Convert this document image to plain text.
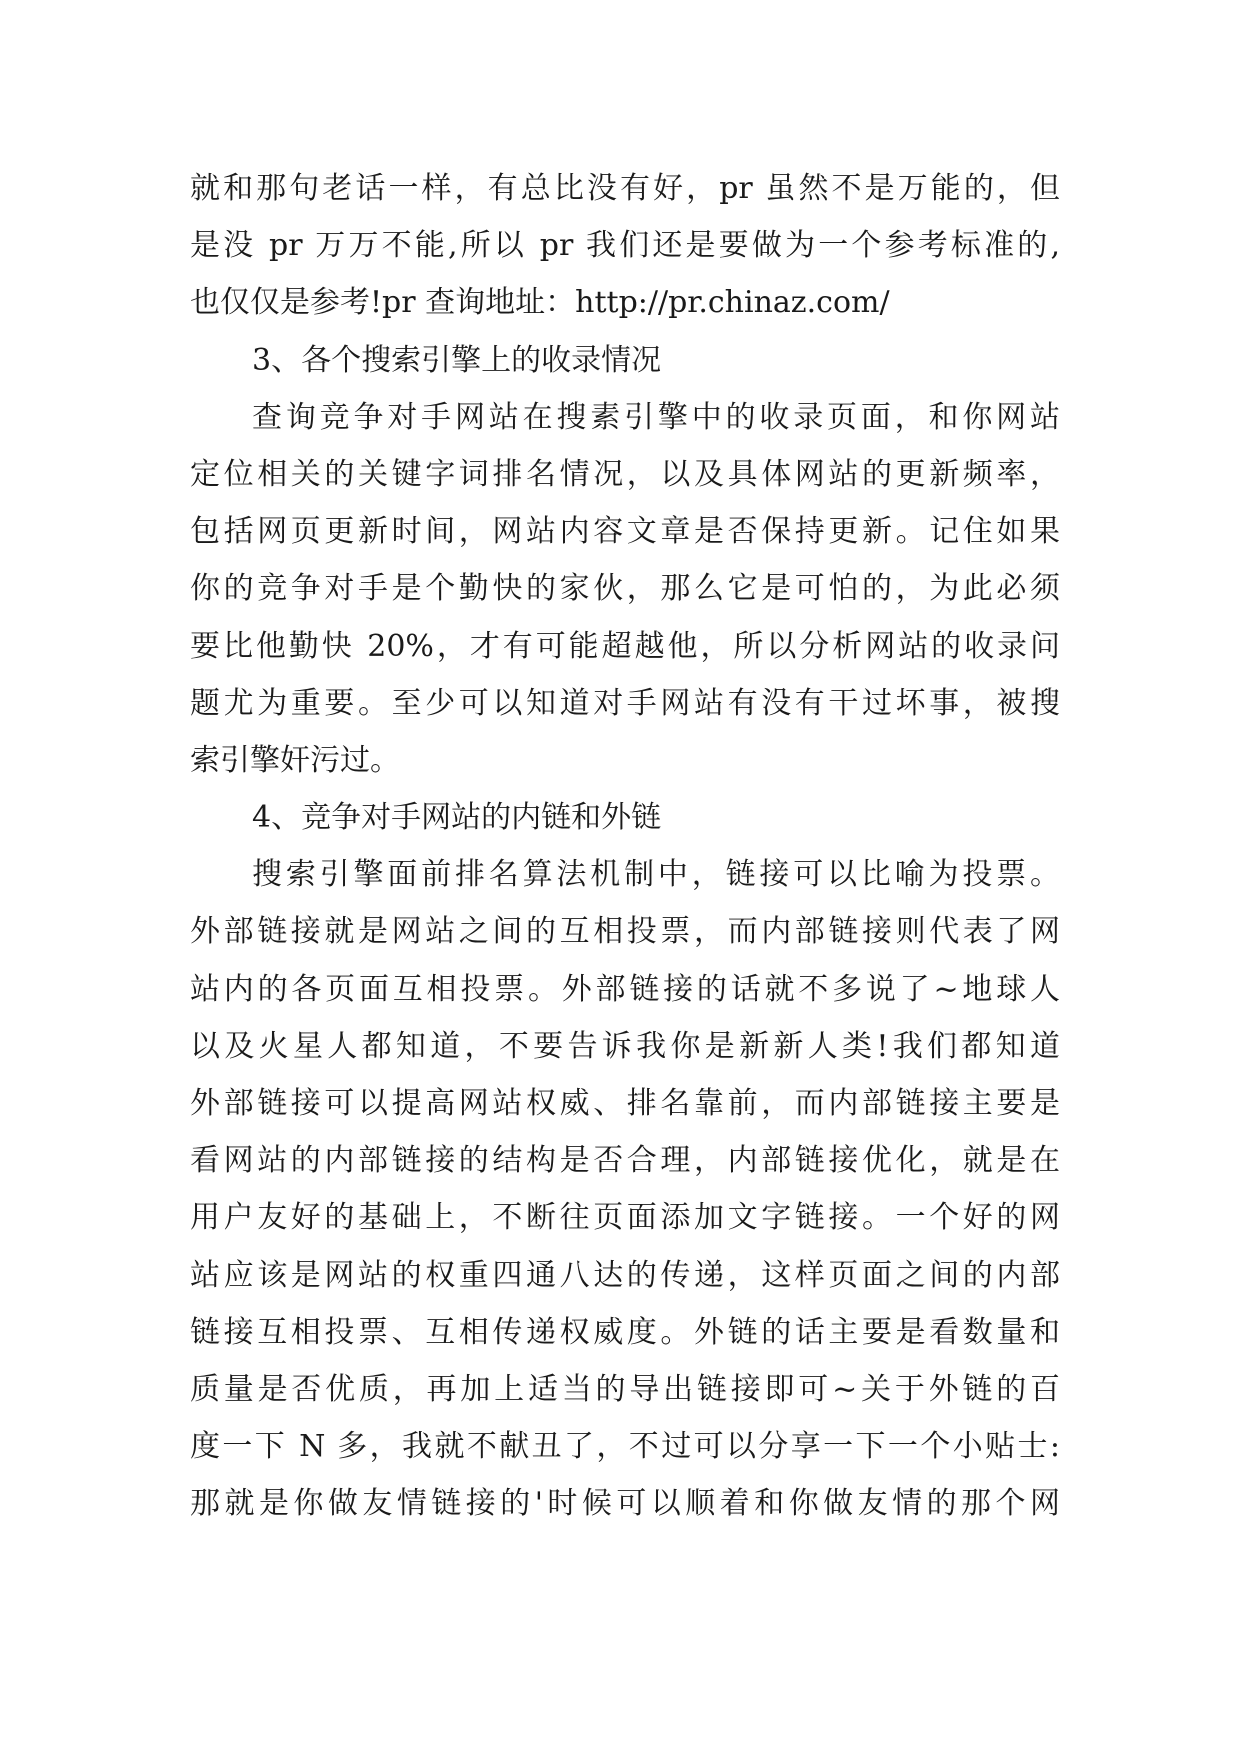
就和那句老话一样，有总比没有好，pr 虽然不是万能的，但
是没 pr 万万不能,所以 pr 我们还是要做为一个参考标准的,
也仅仅是参考!pr 查询地址：http://pr.chinaz.com/
3、各个搜索引擎上的收录情况
查询竞争对手网站在搜素引擎中的收录页面，和你网站
定位相关的关键字词排名情况，以及具体网站的更新频率，
包括网页更新时间，网站内容文章是否保持更新。记住如果
你的竞争对手是个勤快的家伙，那么它是可怕的，为此必须
要比他勤快 20%，才有可能超越他，所以分析网站的收录问
题尤为重要。至少可以知道对手网站有没有干过坏事，被搜
索引擎奸污过。
4、竞争对手网站的内链和外链
搜索引擎面前排名算法机制中，链接可以比喻为投票。
外部链接就是网站之间的互相投票，而内部链接则代表了网
站内的各页面互相投票。外部链接的话就不多说了~地球人
以及火星人都知道，不要告诉我你是新新人类!我们都知道
外部链接可以提高网站权威、排名靠前，而内部链接主要是
看网站的内部链接的结构是否合理，内部链接优化，就是在
用户友好的基础上，不断往页面添加文字链接。一个好的网
站应该是网站的权重四通八达的传递，这样页面之间的内部
链接互相投票、互相传递权威度。外链的话主要是看数量和
质量是否优质，再加上适当的导出链接即可~关于外链的百
度一下 N 多，我就不献丑了，不过可以分享一下一个小贴士:
那就是你做友情链接的'时候可以顺着和你做友情的那个网
